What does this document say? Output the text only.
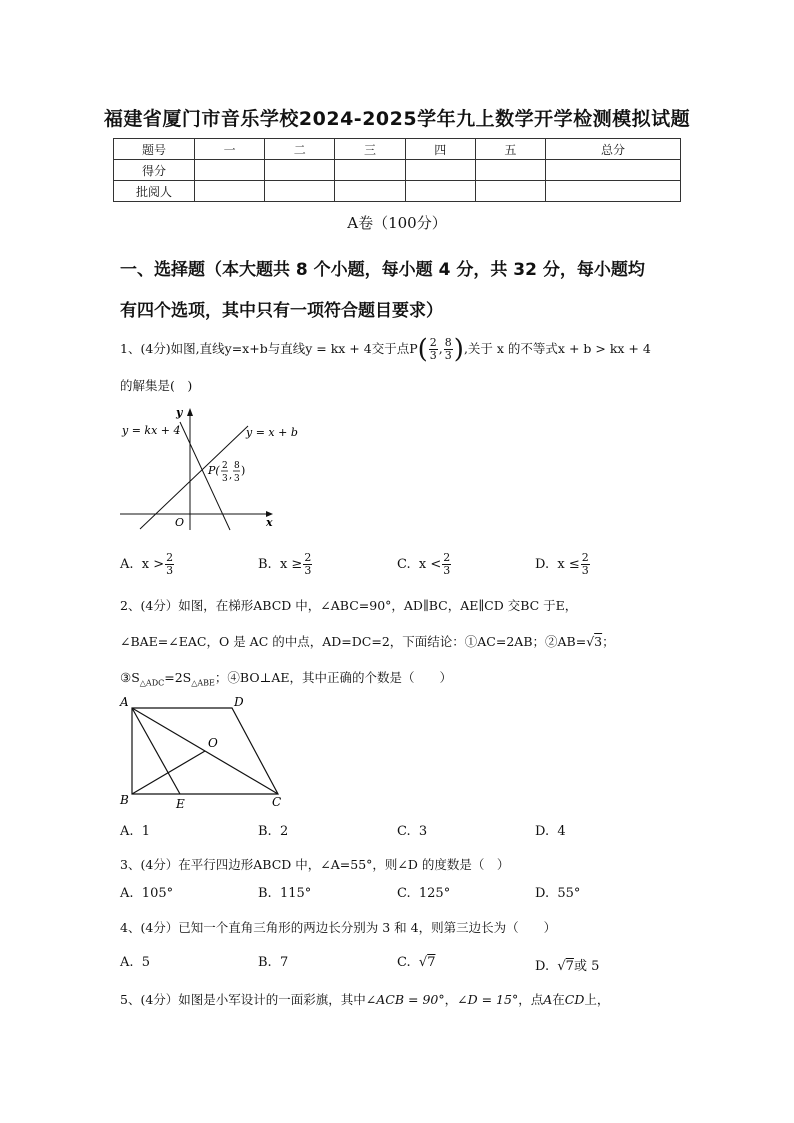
福建省厦门市音乐学校2024-2025学年九上数学开学检测模拟试题
题号	一	二	三	四	五	总分
得分						
批阅人						
A卷（100分）
一、选择题（本大题共 8 个小题，每小题 4 分，共 32 分，每小题均
有四个选项，其中只有一项符合题目要求）
1、(4分)如图,直线y=x+b与直线y = kx + 4交于点$P( \frac{2}{3}$ , $\frac{8}{3}$ ),关于 x 的不等式x + b > kx + 4
的解集是(　)
y = kx + 4	y = x + b
y
x
O
P( 2
3 ,
8
3
)
A. $x > \frac{2}{3}$	B. $x \ge \frac{2}{3}$	C. $x < \frac{2}{3}$	D. $x \le \frac{2}{3}$
2、(4分）如图，在梯形ABCD 中，∠ABC=90°，AD∥BC，AE∥CD 交BC 于E，
∠BAE=∠EAC，O 是 AC 的中点，AD=DC=2，下面结论：①AC=2AB；②AB=√3；
$③S_{\triangle ADC}=2S_{\triangle ABE}$；④BO⊥AE，其中正确的个数是（　　）
A	D
O
B	E	C
A. 1	B. 2	C. 3	D. 4
3、(4分）在平行四边形ABCD 中，∠A=55°，则∠D 的度数是（　）
A. 105°	B. 115°	C. 125°	D. 55°
4、(4分）已知一个直角三角形的两边长分别为 3 和 4，则第三边长为（　　）
A. 5	B. 7	C. √7	D. √7或 5
5、(4分）如图是小军设计的一面彩旗，其中∠ACB = 90°，∠D = 15°，点A在CD上，
